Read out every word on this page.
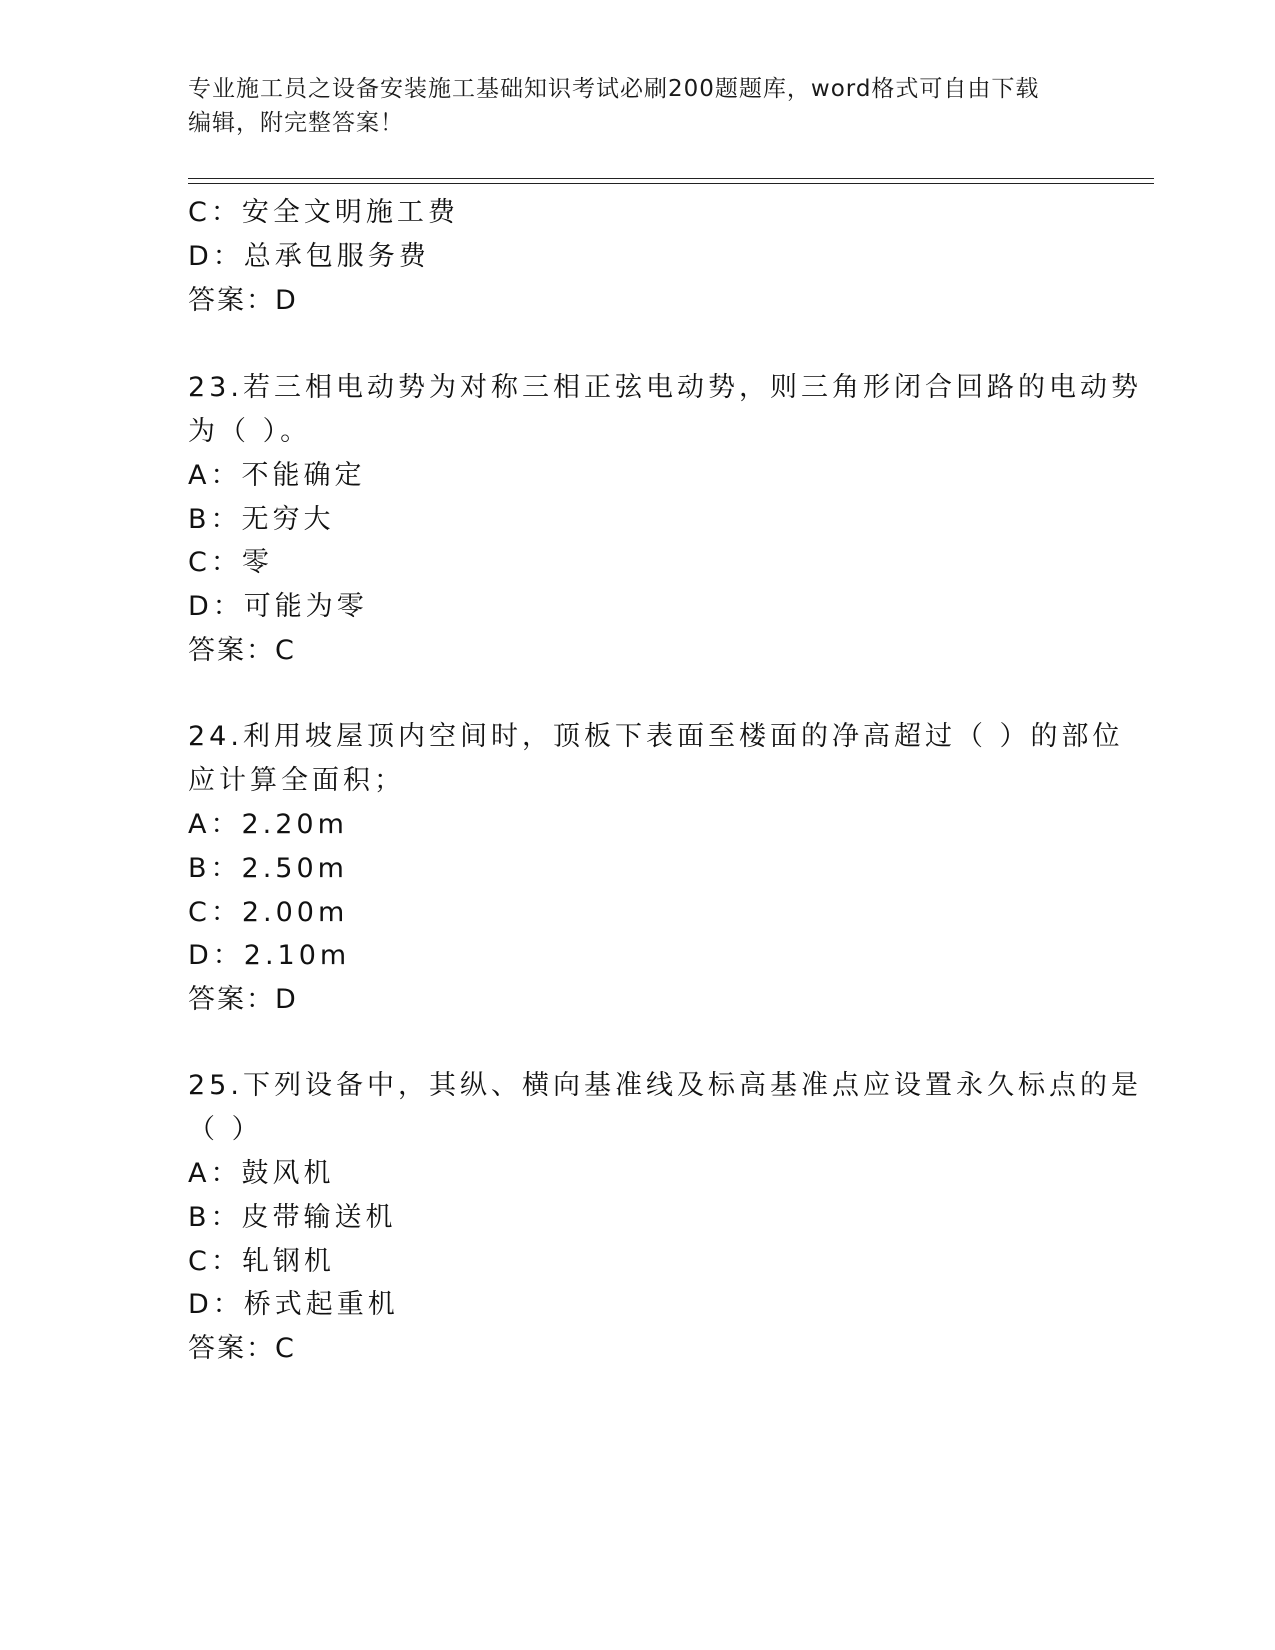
专业施工员之设备安装施工基础知识考试必刷200题题库，word格式可自由下载
编辑，附完整答案！
C：安全文明施工费
D：总承包服务费
答案：D
23.若三相电动势为对称三相正弦电动势，则三角形闭合回路的电动势
为（ ）。
A：不能确定
B：无穷大
C：零
D：可能为零
答案：C
24.利用坡屋顶内空间时，顶板下表面至楼面的净高超过（ ）的部位
应计算全面积；
A：2.20m
B：2.50m
C：2.00m
D：2.10m
答案：D
25.下列设备中，其纵、横向基准线及标高基准点应设置永久标点的是
（ ）
A：鼓风机
B：皮带输送机
C：轧钢机
D：桥式起重机
答案：C
